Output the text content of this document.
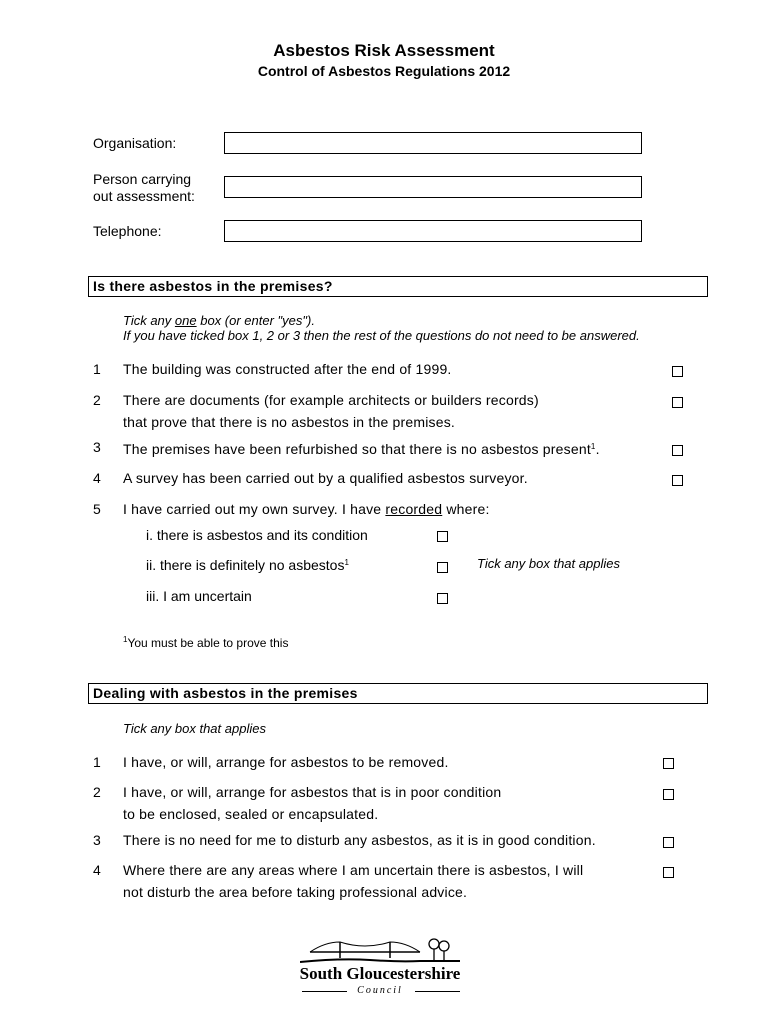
Asbestos Risk Assessment
Control of Asbestos Regulations 2012
Organisation:
Person carrying
out assessment:
Telephone:
Is there asbestos in the premises?
Tick any one box (or enter "yes").
If you have ticked box 1, 2 or 3 then the rest of the questions do not need to be answered.
1 The building was constructed after the end of 1999.
2 There are documents (for example architects or builders records)
that prove that there is no asbestos in the premises.
3 The premises have been refurbished so that there is no asbestos present$^1$.
4 A survey has been carried out by a qualified asbestos surveyor.
5 I have carried out my own survey. I have recorded where:
i. there is asbestos and its condition
ii. there is definitely no asbestos$^1$	Tick any box that applies
iii. I am uncertain
$^1$You must be able to prove this
Dealing with asbestos in the premises
Tick any box that applies
1 I have, or will, arrange for asbestos to be removed.
2 I have, or will, arrange for asbestos that is in poor condition
to be enclosed, sealed or encapsulated.
3 There is no need for me to disturb any asbestos, as it is in good condition.
4 Where there are any areas where I am uncertain there is asbestos, I will
not disturb the area before taking professional advice.
South Gloucestershire
Council
